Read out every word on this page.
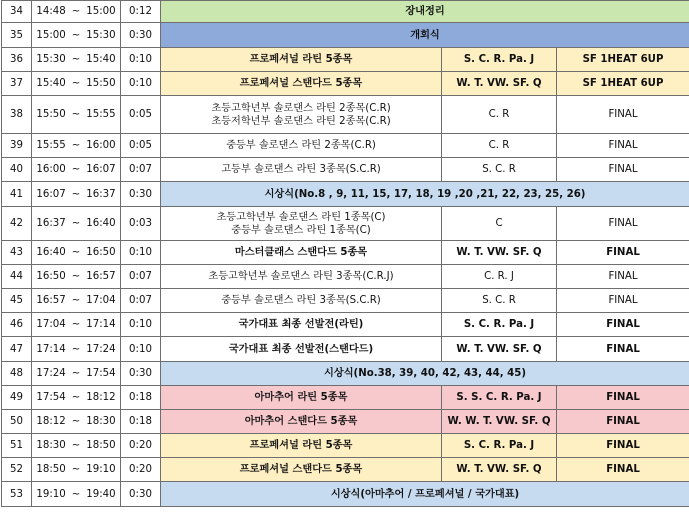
34	14:48 ~ 15:00	0:12	장내정리		

35	15:00 ~ 15:30	0:30	개회식		

36	15:30 ~ 15:40	0:10	프로페셔널 라틴 5종목	S. C. R. Pa. J	SF 1HEAT 6UP
37	15:40 ~ 15:50	0:10	프로페셔널 스탠다드 5종목	W. T. VW. SF. Q	SF 1HEAT 6UP
38	15:50 ~ 15:55	0:05	초등고학년부 솔로댄스 라틴 2종목(C.R)
초등저학년부 솔로댄스 라틴 2종목(C.R)	C. R	FINAL
39	15:55 ~ 16:00	0:05	중등부 솔로댄스 라틴 2종목(C.R)	C. R	FINAL
40	16:00 ~ 16:07	0:07	고등부 솔로댄스 라틴 3종목(S.C.R)	S. C. R	FINAL
41	16:07 ~ 16:37	0:30	시상식(No.8 , 9, 11, 15, 17, 18, 19 ,20 ,21, 22, 23, 25, 26)		

42	16:37 ~ 16:40	0:03	초등고학년부 솔로댄스 라틴 1종목(C)
중등부 솔로댄스 라틴 1종목(C)	C	FINAL
43	16:40 ~ 16:50	0:10	마스터클래스 스탠다드 5종목	W. T. VW. SF. Q	FINAL
44	16:50 ~ 16:57	0:07	초등고학년부 솔로댄스 라틴 3종목(C.R.J)	C. R. J	FINAL
45	16:57 ~ 17:04	0:07	중등부 솔로댄스 라틴 3종목(S.C.R)	S. C. R	FINAL
46	17:04 ~ 17:14	0:10	국가대표 최종 선발전(라틴)	S. C. R. Pa. J	FINAL
47	17:14 ~ 17:24	0:10	국가대표 최종 선발전(스탠다드)	W. T. VW. SF. Q	FINAL
48	17:24 ~ 17:54	0:30	시상식(No.38, 39, 40, 42, 43, 44, 45)		

49	17:54 ~ 18:12	0:18	아마추어 라틴 5종목	S. S. C. R. Pa. J	FINAL
50	18:12 ~ 18:30	0:18	아마추어 스탠다드 5종목	W. W. T. VW. SF. Q	FINAL
51	18:30 ~ 18:50	0:20	프로페셔널 라틴 5종목	S. C. R. Pa. J	FINAL
52	18:50 ~ 19:10	0:20	프로페셔널 스탠다드 5종목	W. T. VW. SF. Q	FINAL
53	19:10 ~ 19:40	0:30	시상식(아마추어 / 프로페셔널 / 국가대표)		
